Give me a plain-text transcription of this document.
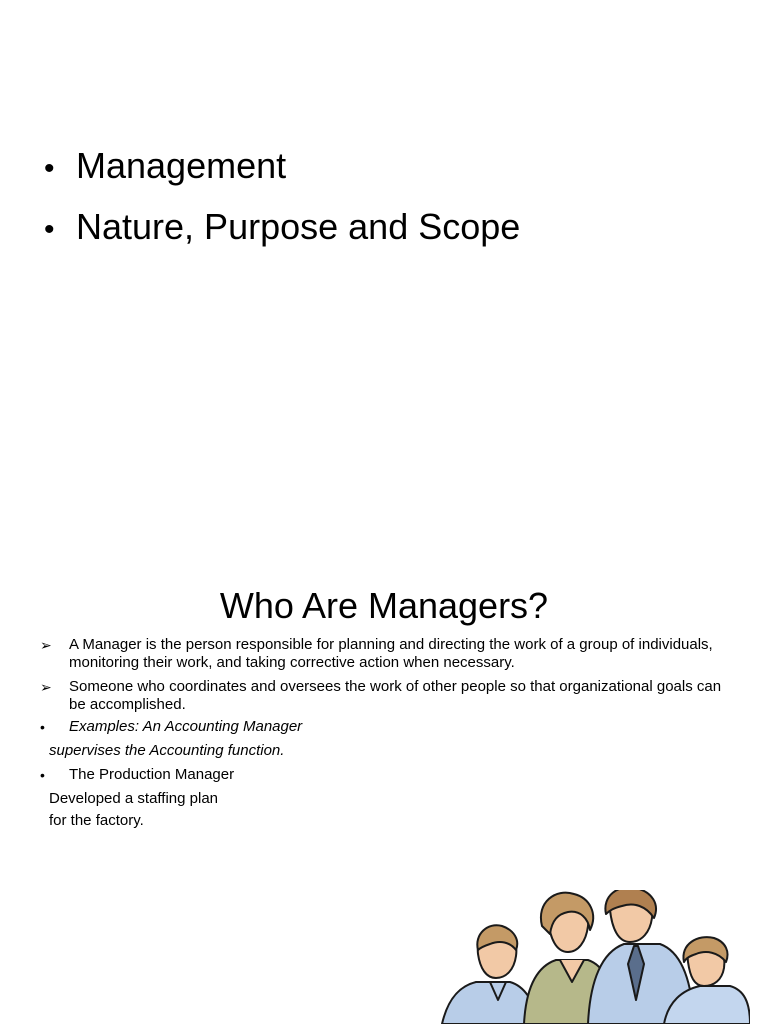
• Management
• Nature, Purpose and Scope
Who Are Managers?
➢	A Manager is the person responsible for planning and directing the work of a group of individuals, monitoring their work, and taking corrective action when necessary.
➢	Someone who coordinates and oversees the work of other people so that organizational goals can be accomplished.
•	Examples: An Accounting Manager
supervises the Accounting function.
•	The Production Manager
Developed a staffing plan
for the factory.
